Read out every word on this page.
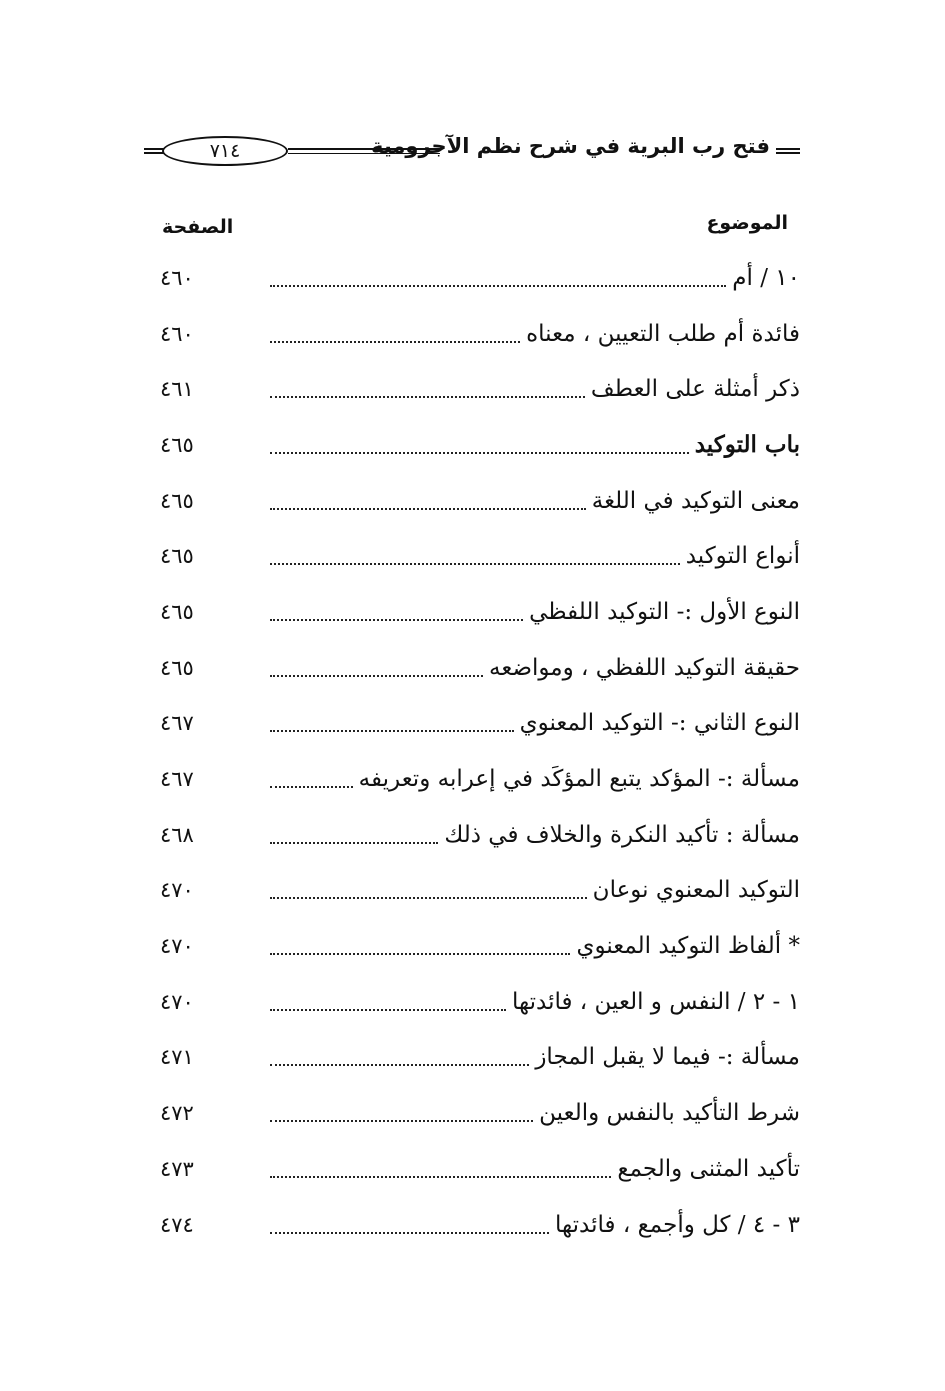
فتح رب البرية في شرح نظم الآجرومية
٧١٤
الموضوع
الصفحة
١٠ / أم
٤٦٠
فائدة أم طلب التعيين ، معناه
٤٦٠
ذكر أمثلة على العطف
٤٦١
باب التوكيد
٤٦٥
معنى التوكيد في اللغة
٤٦٥
أنواع التوكيد
٤٦٥
النوع الأول :- التوكيد اللفظي
٤٦٥
حقيقة التوكيد اللفظي ، ومواضعه
٤٦٥
النوع الثاني :- التوكيد المعنوي
٤٦٧
مسألة :- المؤكد يتبع المؤكَد في إعرابه وتعريفه
٤٦٧
مسألة : تأكيد النكرة والخلاف في ذلك
٤٦٨
التوكيد المعنوي نوعان
٤٧٠
* ألفاظ التوكيد المعنوي
٤٧٠
١ - ٢ / النفس و العين ، فائدتها
٤٧٠
مسألة :- فيما لا يقبل المجاز
٤٧١
شرط التأكيد بالنفس والعين
٤٧٢
تأكيد المثنى والجمع
٤٧٣
٣ - ٤ / كل وأجمع ، فائدتها
٤٧٤
